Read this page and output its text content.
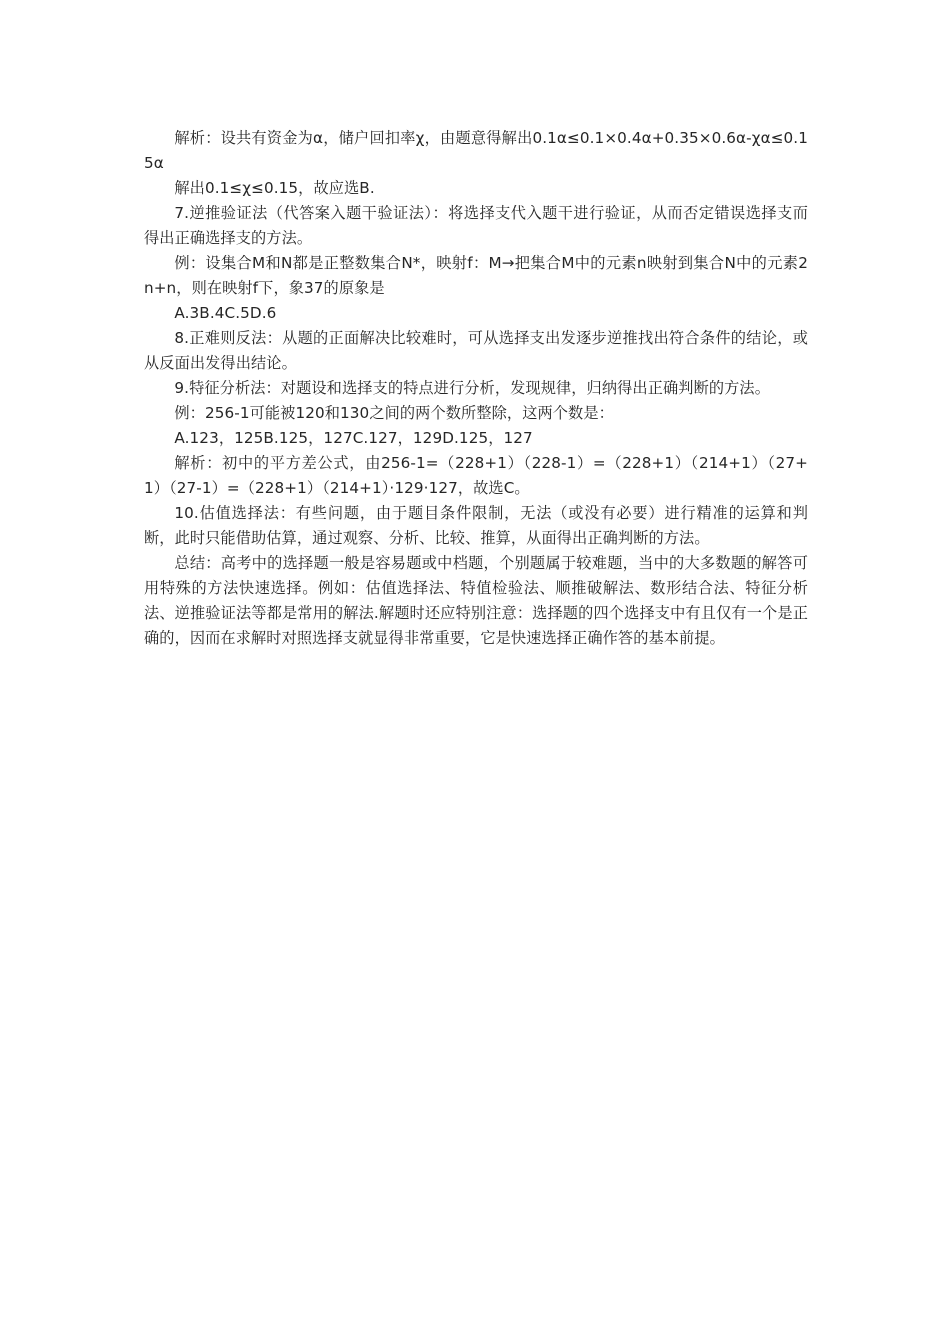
解析：设共有资金为α，储户回扣率χ，由题意得解出0.1α≤0.1×0.4α+0.35×0.6α-χα≤0.15α

解出0.1≤χ≤0.15，故应选B.

7.逆推验证法（代答案入题干验证法）：将选择支代入题干进行验证，从而否定错误选择支而得出正确选择支的方法。

例：设集合M和N都是正整数集合N*，映射f：M→把集合M中的元素n映射到集合N中的元素2n+n，则在映射f下，象37的原象是

A.3B.4C.5D.6

8.正难则反法：从题的正面解决比较难时，可从选择支出发逐步逆推找出符合条件的结论，或从反面出发得出结论。

9.特征分析法：对题设和选择支的特点进行分析，发现规律，归纳得出正确判断的方法。

例：256-1可能被120和130之间的两个数所整除，这两个数是：

A.123，125B.125，127C.127，129D.125，127

解析：初中的平方差公式，由256-1=（228+1）（228-1）=（228+1）（214+1）（27+1）（27-1）=（228+1）（214+1）·129·127，故选C。

10.估值选择法：有些问题，由于题目条件限制，无法（或没有必要）进行精准的运算和判断，此时只能借助估算，通过观察、分析、比较、推算，从面得出正确判断的方法。

总结：高考中的选择题一般是容易题或中档题，个别题属于较难题，当中的大多数题的解答可用特殊的方法快速选择。例如：估值选择法、特值检验法、顺推破解法、数形结合法、特征分析法、逆推验证法等都是常用的解法.解题时还应特别注意：选择题的四个选择支中有且仅有一个是正确的，因而在求解时对照选择支就显得非常重要，它是快速选择正确作答的基本前提。
